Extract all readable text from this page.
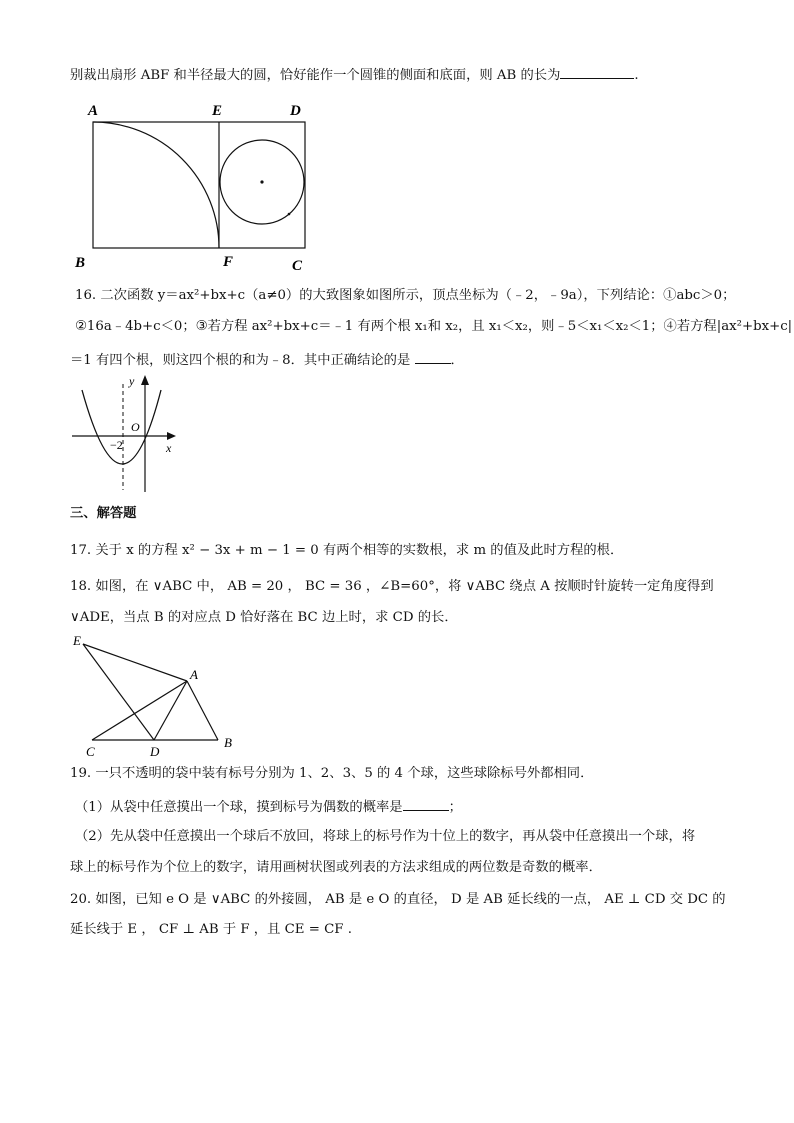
别裁出扇形 ABF 和半径最大的圆，恰好能作一个圆锥的侧面和底面，则 AB 的长为	.
A	E	D
B	F	C
16. 二次函数 y＝ax²+bx+c（a≠0）的大致图象如图所示，顶点坐标为（﹣2，﹣9a），下列结论：①abc＞0；
②16a﹣4b+c＜0；③若方程 ax²+bx+c＝﹣1 有两个根 x₁和 x₂，且 x₁＜x₂，则﹣5＜x₁＜x₂＜1；④若方程|ax²+bx+c|
＝1 有四个根，则这四个根的和为﹣8．其中正确结论的是	．
y
x
O
−2
三、解答题
17. 关于 x 的方程 x² − 3x + m − 1 = 0 有两个相等的实数根，求 m 的值及此时方程的根．
18. 如图，在 ∨ABC 中， AB = 20 ， BC = 36 ，∠B=60°，将 ∨ABC 绕点 A 按顺时针旋转一定角度得到
∨ADE，当点 B 的对应点 D 恰好落在 BC 边上时，求 CD 的长．
E
A
C	D
B
19. 一只不透明的袋中装有标号分别为 1、2、3、5 的 4 个球，这些球除标号外都相同．
（1）从袋中任意摸出一个球，摸到标号为偶数的概率是	；
（2）先从袋中任意摸出一个球后不放回，将球上的标号作为十位上的数字，再从袋中任意摸出一个球，将
球上的标号作为个位上的数字，请用画树状图或列表的方法求组成的两位数是奇数的概率．
20. 如图，已知 e O 是 ∨ABC 的外接圆， AB 是 e O 的直径， D 是 AB 延长线的一点， AE ⊥ CD 交 DC 的
延长线于 E ， CF ⊥ AB 于 F ，且 CE = CF .
